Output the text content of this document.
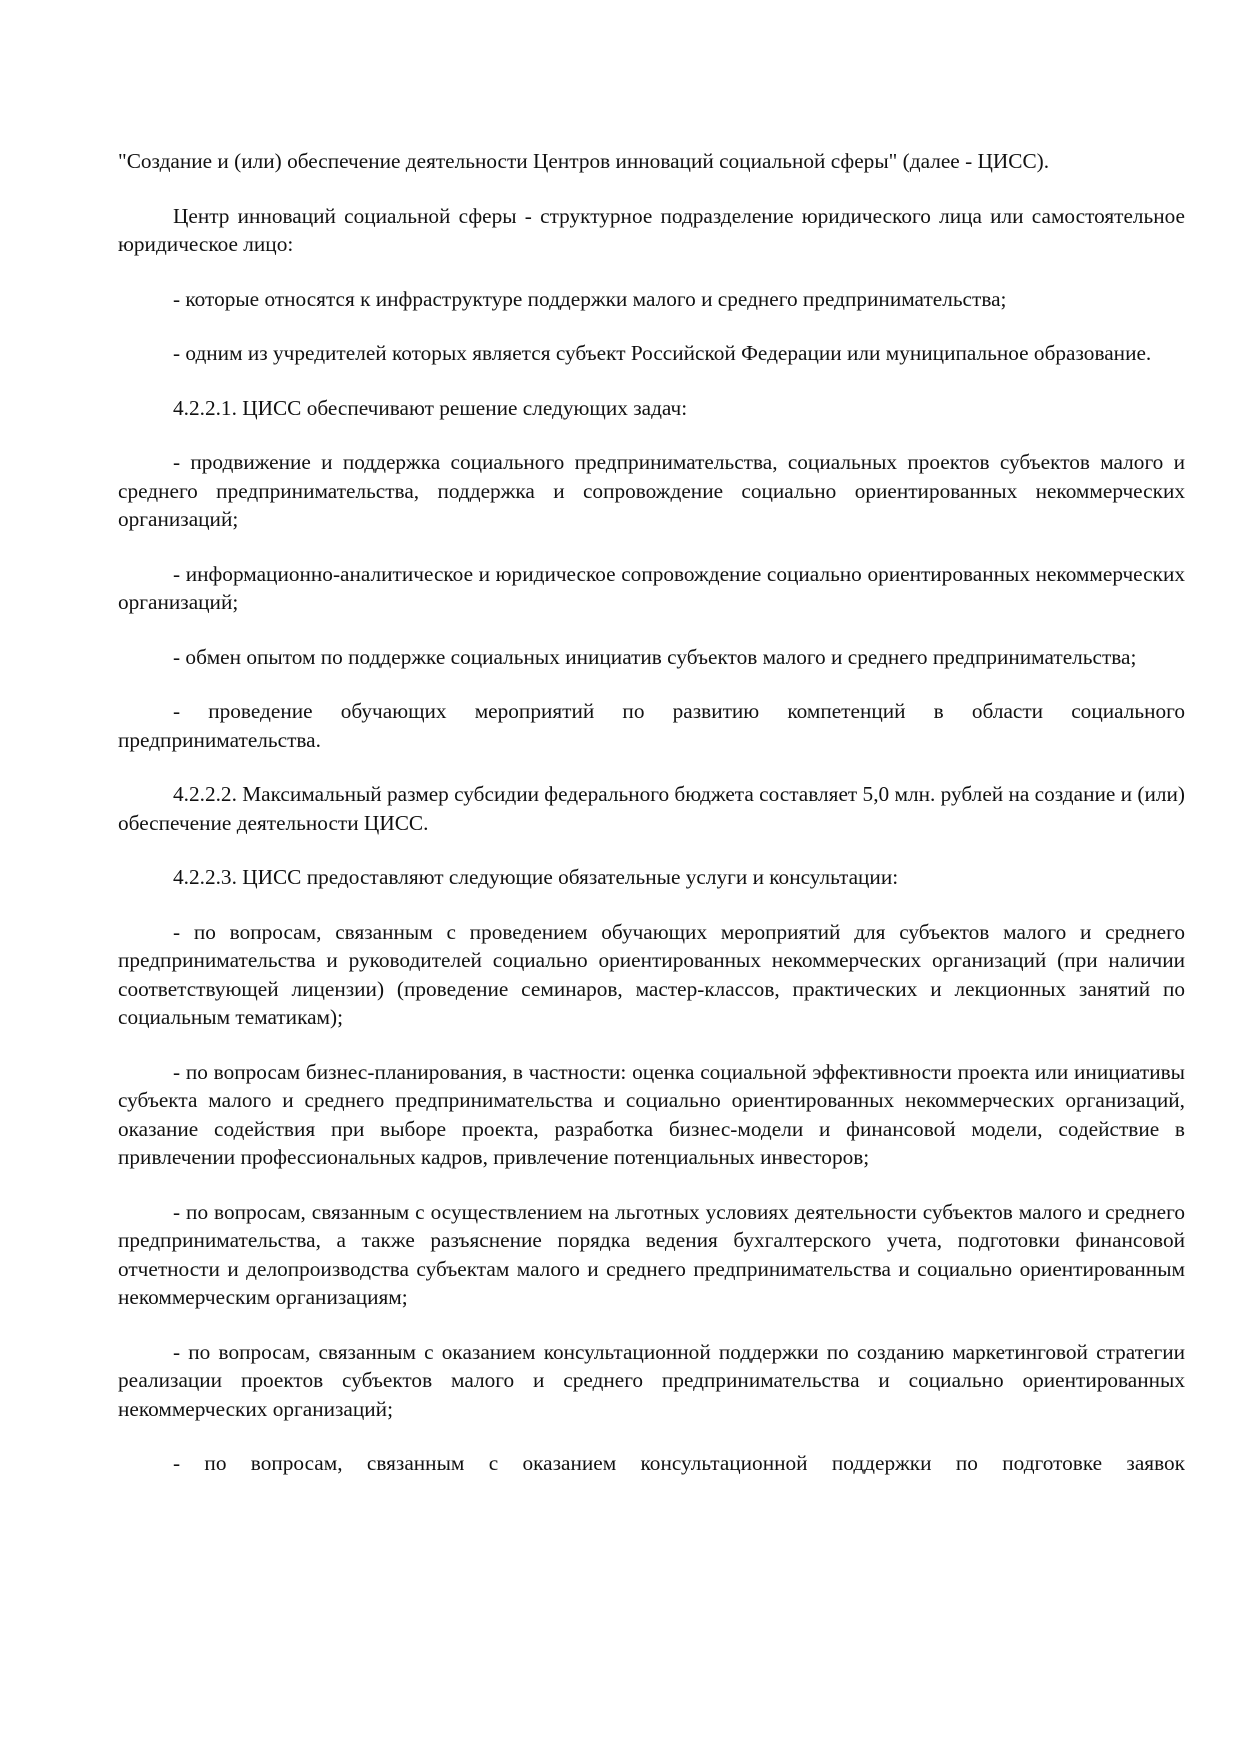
"Создание и (или) обеспечение деятельности Центров инноваций социальной сферы" (далее - ЦИСС).

Центр инноваций социальной сферы - структурное подразделение юридического лица или самостоятельное юридическое лицо:

- которые относятся к инфраструктуре поддержки малого и среднего предпринимательства;

- одним из учредителей которых является субъект Российской Федерации или муниципальное образование.

4.2.2.1. ЦИСС обеспечивают решение следующих задач:

- продвижение и поддержка социального предпринимательства, социальных проектов субъектов малого и среднего предпринимательства, поддержка и сопровождение социально ориентированных некоммерческих организаций;

- информационно-аналитическое и юридическое сопровождение социально ориентированных некоммерческих организаций;

- обмен опытом по поддержке социальных инициатив субъектов малого и среднего предпринимательства;

- проведение обучающих мероприятий по развитию компетенций в области социального предпринимательства.

4.2.2.2. Максимальный размер субсидии федерального бюджета составляет 5,0 млн. рублей на создание и (или) обеспечение деятельности ЦИСС.

4.2.2.3. ЦИСС предоставляют следующие обязательные услуги и консультации:

- по вопросам, связанным с проведением обучающих мероприятий для субъектов малого и среднего предпринимательства и руководителей социально ориентированных некоммерческих организаций (при наличии соответствующей лицензии) (проведение семинаров, мастер-классов, практических и лекционных занятий по социальным тематикам);

- по вопросам бизнес-планирования, в частности: оценка социальной эффективности проекта или инициативы субъекта малого и среднего предпринимательства и социально ориентированных некоммерческих организаций, оказание содействия при выборе проекта, разработка бизнес-модели и финансовой модели, содействие в привлечении профессиональных кадров, привлечение потенциальных инвесторов;

- по вопросам, связанным с осуществлением на льготных условиях деятельности субъектов малого и среднего предпринимательства, а также разъяснение порядка ведения бухгалтерского учета, подготовки финансовой отчетности и делопроизводства субъектам малого и среднего предпринимательства и социально ориентированным некоммерческим организациям;

- по вопросам, связанным с оказанием консультационной поддержки по созданию маркетинговой стратегии реализации проектов субъектов малого и среднего предпринимательства и социально ориентированных некоммерческих организаций;

- по вопросам, связанным с оказанием консультационной поддержки по подготовке заявок
